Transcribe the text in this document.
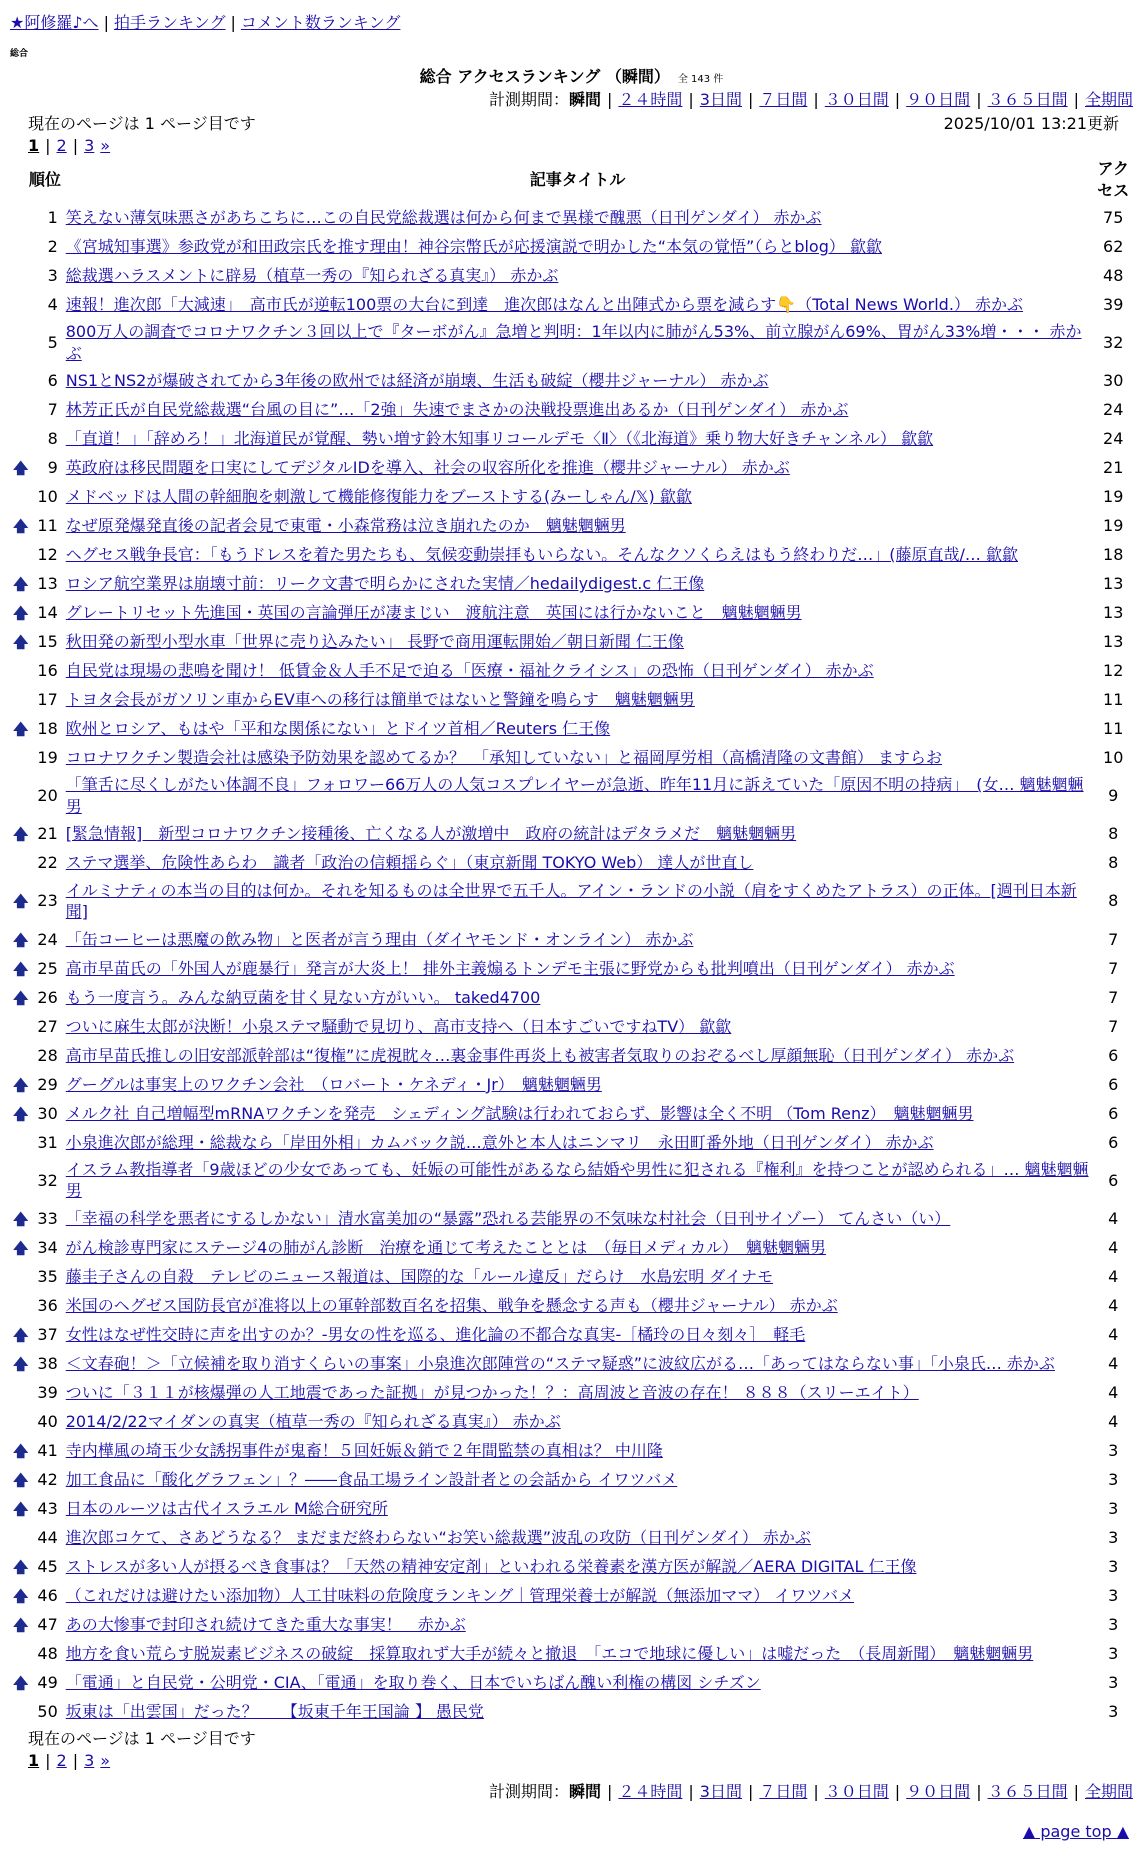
★阿修羅♪へ | 拍手ランキング | コメント数ランキング
総合
総合 アクセスランキング （瞬間） 全 143 件
計測期間：瞬間 | ２４時間 | 3日間 | ７日間 | ３０日間 | ９０日間 | ３６５日間 | 全期間
現在のページは 1 ページ目です	2025/10/01 13:21更新
1 | 2 | 3 »
	順位	記事タイトル	アクセス
	1	笑えない薄気味悪さがあちこちに…この自民党総裁選は何から何まで異様で醜悪（日刊ゲンダイ） 赤かぶ	75
	2	《宮城知事選》参政党が和田政宗氏を推す理由！神谷宗幣氏が応援演説で明かした“本気の覚悟”（らとblog） 歙歙	62
	3	総裁選ハラスメントに辟易（植草一秀の『知られざる真実』） 赤かぶ	48
	4	速報！進次郎「大減速」　高市氏が逆転100票の大台に到達　進次郎はなんと出陣式から票を減らす👇（Total News World.） 赤かぶ	39
	5	800万人の調査でコロナワクチン３回以上で『ターボがん』急増と判明：1年以内に肺がん53%、前立腺がん69%、胃がん33%増・・・ 赤かぶ	32
	6	NS1とNS2が爆破されてから3年後の欧州では経済が崩壊、生活も破綻（櫻井ジャーナル） 赤かぶ	30
	7	林芳正氏が自民党総裁選“台風の目に”…「2強」失速でまさかの決戦投票進出あるか（日刊ゲンダイ） 赤かぶ	24
	8	「直道！」「辞めろ！」北海道民が覚醒、勢い増す鈴木知事リコールデモ〈Ⅱ〉（《北海道》乗り物大好きチャンネル） 歙歙	24
🡅	9	英政府は移民問題を口実にしてデジタルIDを導入、社会の収容所化を推進（櫻井ジャーナル） 赤かぶ	21
	10	メドベッドは人間の幹細胞を刺激して機能修復能力をブーストする(みーしゃん/𝕏) 歙歙	19
🡅	11	なぜ原発爆発直後の記者会見で東電・小森常務は泣き崩れたのか　魑魅魍魎男	19
	12	ヘグセス戦争長官：「もうドレスを着た男たちも、気候変動崇拝もいらない。そんなクソくらえはもう終わりだ…」(藤原直哉/… 歙歙	18
🡅	13	ロシア航空業界は崩壊寸前：リーク文書で明らかにされた実情／hedailydigest.c 仁王像	13
🡅	14	グレートリセット先進国・英国の言論弾圧が凄まじい　渡航注意　英国には行かないこと　魑魅魍魎男	13
🡅	15	秋田発の新型小型水車「世界に売り込みたい」 長野で商用運転開始／朝日新聞 仁王像	13
	16	自民党は現場の悲鳴を聞け！ 低賃金＆人手不足で迫る「医療・福祉クライシス」の恐怖（日刊ゲンダイ） 赤かぶ	12
	17	トヨタ会長がガソリン車からEV車への移行は簡単ではないと警鐘を鳴らす　魑魅魍魎男	11
🡅	18	欧州とロシア、もはや「平和な関係にない」とドイツ首相／Reuters 仁王像	11
	19	コロナワクチン製造会社は感染予防効果を認めてるか？　「承知していない」と福岡厚労相（高橋清隆の文書館） ますらお	10
	20	「筆舌に尽くしがたい体調不良」フォロワー66万人の人気コスプレイヤーが急逝、昨年11月に訴えていた「原因不明の持病」　(女… 魑魅魍魎男	9
🡅	21	[緊急情報]　新型コロナワクチン接種後、亡くなる人が激増中　政府の統計はデタラメだ　魑魅魍魎男	8
	22	ステマ選挙、危険性あらわ　識者「政治の信頼揺らぐ」（東京新聞 TOKYO Web） 達人が世直し	8
🡅	23	イルミナティの本当の目的は何か。それを知るものは全世界で五千人。アイン・ランドの小説（肩をすくめたアトラス）の正体。[週刊日本新聞]	8
🡅	24	「缶コーヒーは悪魔の飲み物」と医者が言う理由（ダイヤモンド・オンライン） 赤かぶ	7
🡅	25	高市早苗氏の「外国人が鹿暴行」発言が大炎上！ 排外主義煽るトンデモ主張に野党からも批判噴出（日刊ゲンダイ） 赤かぶ	7
🡅	26	もう一度言う。みんな納豆菌を甘く見ない方がいい。 taked4700	7
	27	ついに麻生太郎が決断！小泉ステマ騒動で見切り、高市支持へ（日本すごいですねTV） 歙歙	7
	28	高市早苗氏推しの旧安部派幹部は“復権”に虎視眈々…裏金事件再炎上も被害者気取りのおぞるべし厚顔無恥（日刊ゲンダイ） 赤かぶ	6
🡅	29	グーグルは事実上のワクチン会社　（ロバート・ケネディ・Jr）　魑魅魍魎男	6
🡅	30	メルク社 自己増幅型mRNAワクチンを発売　シェディング試験は行われておらず、影響は全く不明 （Tom Renz）　魑魅魍魎男	6
	31	小泉進次郎が総理・総裁なら「岸田外相」カムバック説…意外と本人はニンマリ　永田町番外地（日刊ゲンダイ） 赤かぶ	6
	32	イスラム教指導者「9歳ほどの少女であっても、妊娠の可能性があるなら結婚や男性に犯される『権利』を持つことが認められる」… 魑魅魍魎男	6
🡅	33	「幸福の科学を悪者にするしかない」清水富美加の“暴露”恐れる芸能界の不気味な村社会（日刊サイゾー） てんさい（い）	4
🡅	34	がん検診専門家にステージ4の肺がん診断　治療を通じて考えたこととは　（毎日メディカル）　魑魅魍魎男	4
	35	藤圭子さんの自殺　テレビのニュース報道は、国際的な「ルール違反」だらけ　水島宏明 ダイナモ	4
	36	米国のヘグゼス国防長官が准将以上の軍幹部数百名を招集、戦争を懸念する声も（櫻井ジャーナル） 赤かぶ	4
🡅	37	女性はなぜ性交時に声を出すのか？-男女の性を巡る、進化論の不都合な真実-［橘玲の日々刻々］　軽毛	4
🡅	38	＜文春砲！＞「立候補を取り消すくらいの事案」小泉進次郎陣営の“ステマ疑惑”に波紋広がる…「あってはならない事」「小泉氏… 赤かぶ	4
	39	ついに「３１１が核爆弾の人工地震であった証拠」が見つかった！？：高周波と音波の存在！ ８８８（スリーエイト）	4
	40	2014/2/22マイダンの真実（植草一秀の『知られざる真実』） 赤かぶ	4
🡅	41	寺内樺風の埼玉少女誘拐事件が鬼畜！５回妊娠＆銷で２年間監禁の真相は？ 中川隆	3
🡅	42	加工食品に「酸化グラフェン」？――食品工場ライン設計者との会話から イワツバメ	3
🡅	43	日本のルーツは古代イスラエル M総合研究所	3
	44	進次郎コケて、さあどうなる？ まだまだ終わらない“お笑い総裁選”波乱の攻防（日刊ゲンダイ） 赤かぶ	3
🡅	45	ストレスが多い人が摂るべき食事は？「天然の精神安定剤」といわれる栄養素を漢方医が解説／AERA DIGITAL 仁王像	3
🡅	46	（これだけは避けたい添加物）人工甘味料の危険度ランキング｜管理栄養士が解説（無添加ママ） イワツバメ	3
🡅	47	あの大惨事で封印され続けてきた重大な事実！　赤かぶ	3
	48	地方を食い荒らす脱炭素ビジネスの破綻　採算取れず大手が続々と撤退　「エコで地球に優しい」は嘘だった　（長周新聞）　魑魅魍魎男	3
🡅	49	「電通」と自民党・公明党・CIA、「電通」を取り巻く、日本でいちばん醜い利権の構図 シチズン	3
	50	坂東は「出雲国」だった？　　【坂東千年王国論 】 愚民党	3
現在のページは 1 ページ目です
1 | 2 | 3 »
計測期間：瞬間 | ２４時間 | 3日間 | ７日間 | ３０日間 | ９０日間 | ３６５日間 | 全期間
▲ page top ▲
